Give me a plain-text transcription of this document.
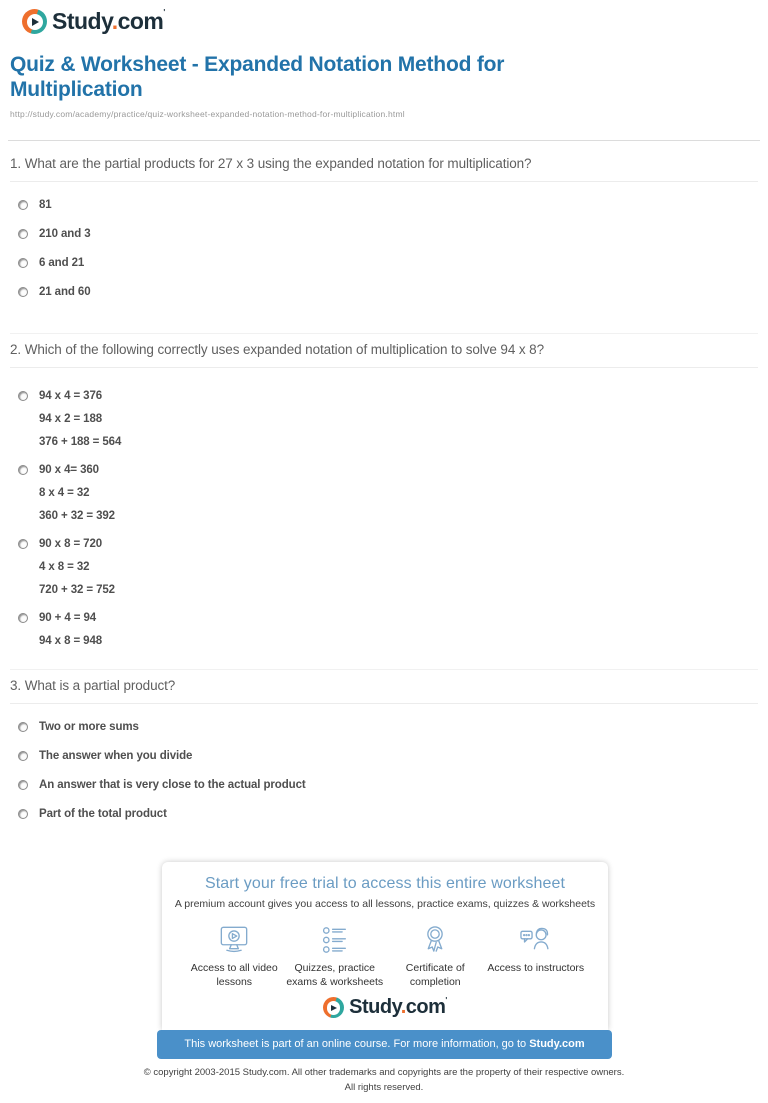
Study.com'
Quiz & Worksheet - Expanded Notation Method for Multiplication
http://study.com/academy/practice/quiz-worksheet-expanded-notation-method-for-multiplication.html
1. What are the partial products for 27 x 3 using the expanded notation for multiplication?
81
210 and 3
6 and 21
21 and 60
2. Which of the following correctly uses expanded notation of multiplication to solve 94 x 8?
94 x 4 = 376
94 x 2 = 188
376 + 188 = 564
90 x 4= 360
8 x 4 = 32
360 + 32 = 392
90 x 8 = 720
4 x 8 = 32
720 + 32 = 752
90 + 4 = 94
94 x 8 = 948
3. What is a partial product?
Two or more sums
The answer when you divide
An answer that is very close to the actual product
Part of the total product
Start your free trial to access this entire worksheet
A premium account gives you access to all lessons, practice exams, quizzes & worksheets
Access to all video lessons
Quizzes, practice exams & worksheets
Certificate of completion
Access to instructors
Study.com'
This worksheet is part of an online course. For more information, go to Study.com
© copyright 2003-2015 Study.com. All other trademarks and copyrights are the property of their respective owners.
All rights reserved.
